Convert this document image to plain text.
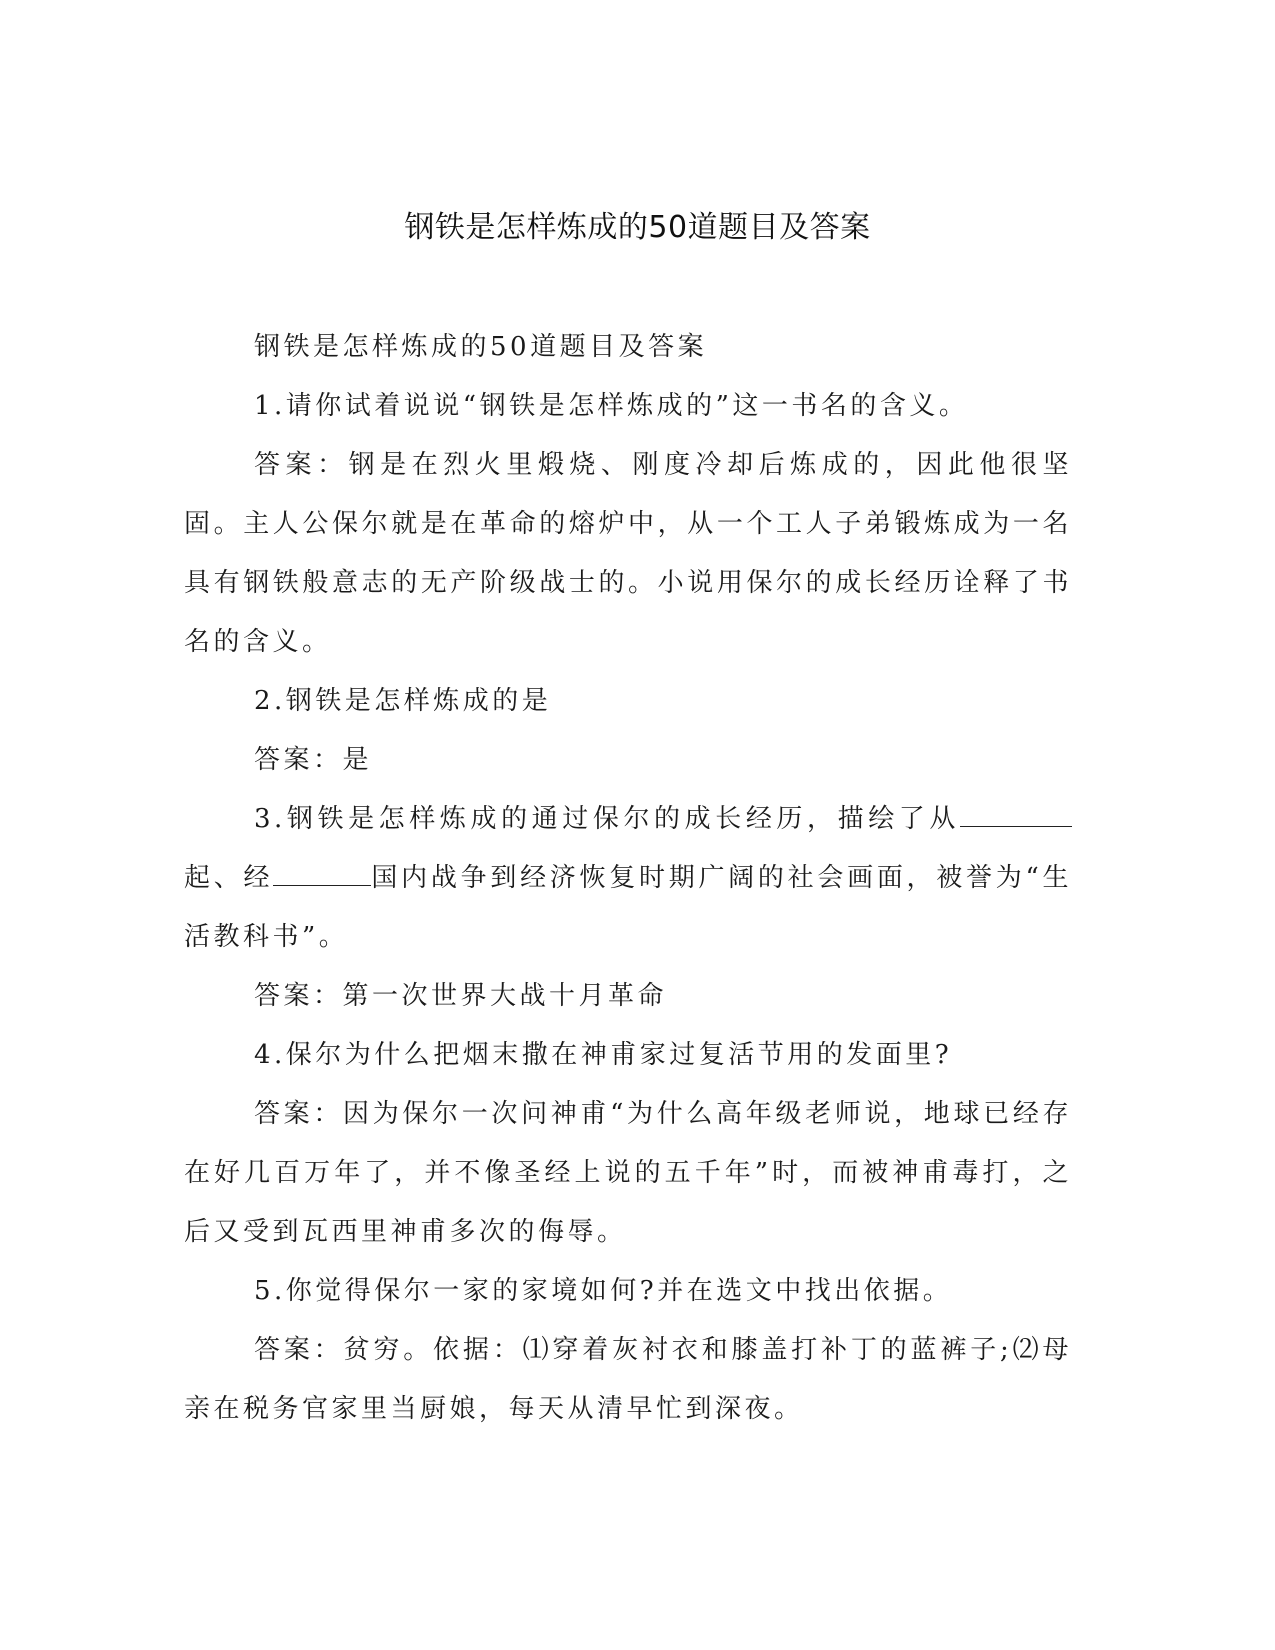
钢铁是怎样炼成的50道题目及答案

钢铁是怎样炼成的50道题目及答案

1.请你试着说说“钢铁是怎样炼成的”这一书名的含义。

答案：钢是在烈火里煅烧、刚度冷却后炼成的，因此他很坚固。主人公保尔就是在革命的熔炉中，从一个工人子弟锻炼成为一名具有钢铁般意志的无产阶级战士的。小说用保尔的成长经历诠释了书名的含义。

2.钢铁是怎样炼成的是

答案：是

3.钢铁是怎样炼成的通过保尔的成长经历，描绘了从起、经	国内战争到经济恢复时期广阔的社会画面，被誉为“生活教科书”。

答案：第一次世界大战十月革命

4.保尔为什么把烟末撒在神甫家过复活节用的发面里?

答案：因为保尔一次问神甫“为什么高年级老师说，地球已经存在好几百万年了，并不像圣经上说的五千年”时，而被神甫毒打，之后又受到瓦西里神甫多次的侮辱。

5.你觉得保尔一家的家境如何?并在选文中找出依据。

答案：贫穷。依据：⑴穿着灰衬衣和膝盖打补丁的蓝裤子;⑵母亲在税务官家里当厨娘，每天从清早忙到深夜。
